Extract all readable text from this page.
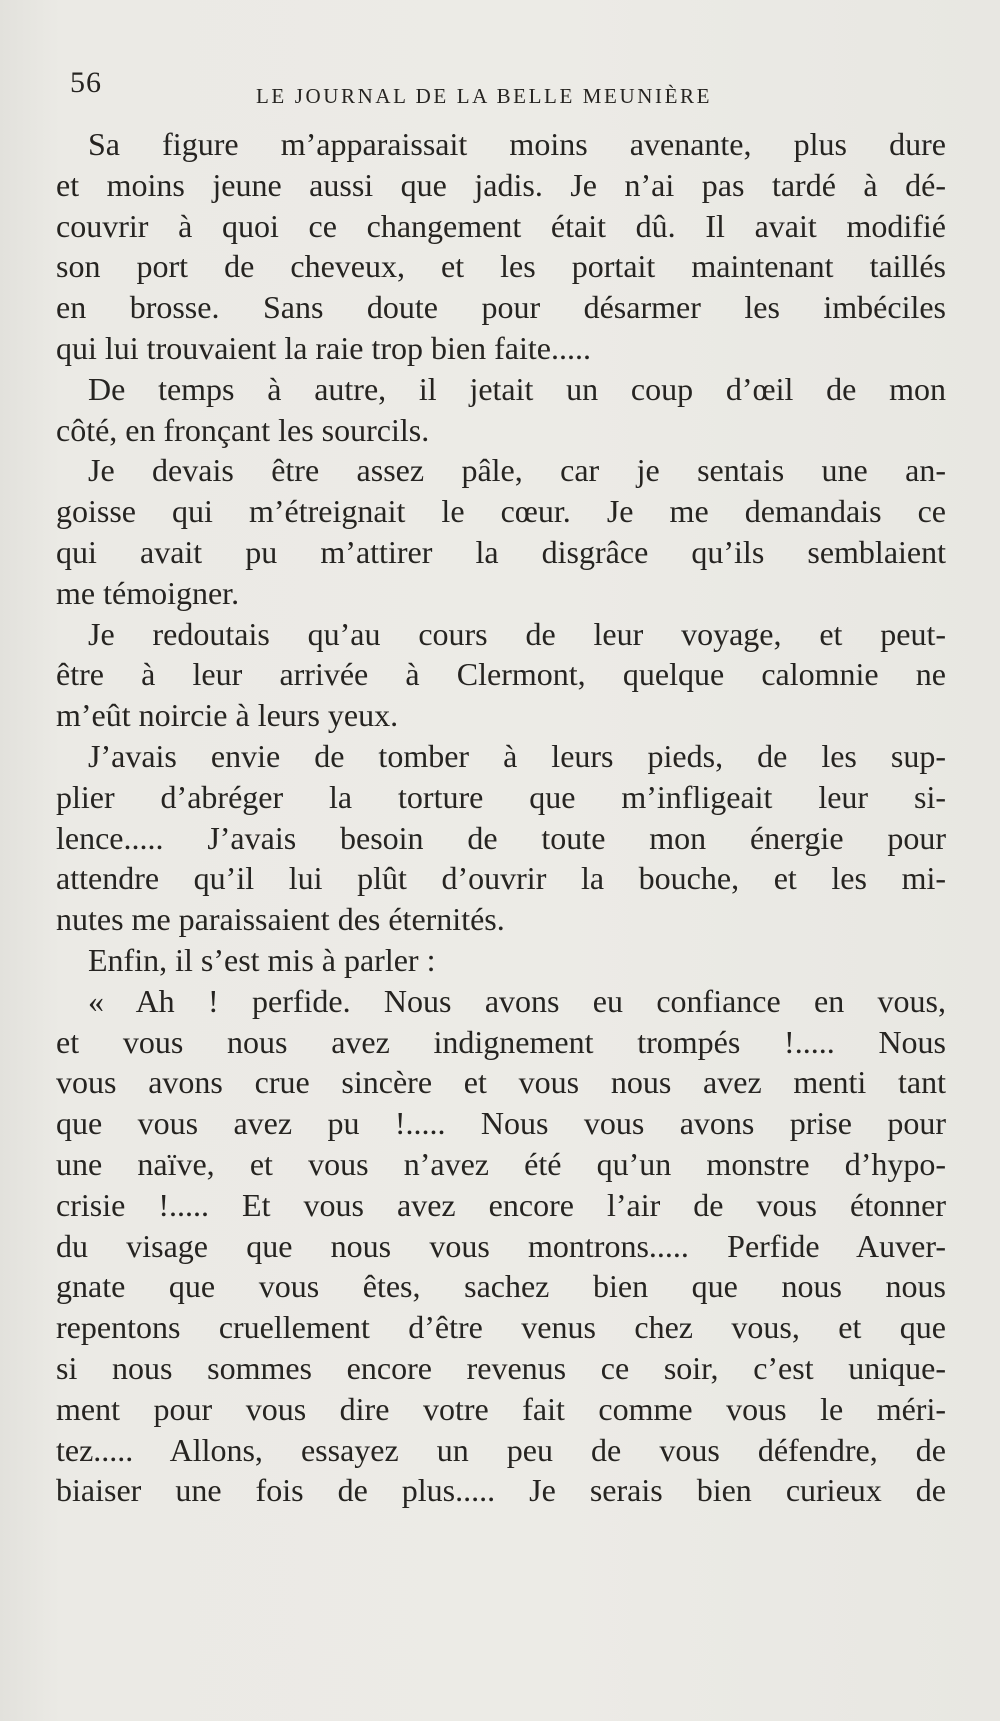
56	LE JOURNAL DE LA BELLE MEUNIÈRE
Sa figure m’apparaissait moins avenante, plus dure
et moins jeune aussi que jadis. Je n’ai pas tardé à dé-
couvrir à quoi ce changement était dû. Il avait modifié
son port de cheveux, et les portait maintenant taillés
en brosse. Sans doute pour désarmer les imbéciles
qui lui trouvaient la raie trop bien faite.....
De temps à autre, il jetait un coup d’œil de mon
côté, en fronçant les sourcils.
Je devais être assez pâle, car je sentais une an-
goisse qui m’étreignait le cœur. Je me demandais ce
qui avait pu m’attirer la disgrâce qu’ils semblaient
me témoigner.
Je redoutais qu’au cours de leur voyage, et peut-
être à leur arrivée à Clermont, quelque calomnie ne
m’eût noircie à leurs yeux.
J’avais envie de tomber à leurs pieds, de les sup-
plier d’abréger la torture que m’infligeait leur si-
lence..... J’avais besoin de toute mon énergie pour
attendre qu’il lui plût d’ouvrir la bouche, et les mi-
nutes me paraissaient des éternités.
Enfin, il s’est mis à parler :
« Ah ! perfide. Nous avons eu confiance en vous,
et vous nous avez indignement trompés !..... Nous
vous avons crue sincère et vous nous avez menti tant
que vous avez pu !..... Nous vous avons prise pour
une naïve, et vous n’avez été qu’un monstre d’hypo-
crisie !..... Et vous avez encore l’air de vous étonner
du visage que nous vous montrons..... Perfide Auver-
gnate que vous êtes, sachez bien que nous nous
repentons cruellement d’être venus chez vous, et que
si nous sommes encore revenus ce soir, c’est unique-
ment pour vous dire votre fait comme vous le méri-
tez..... Allons, essayez un peu de vous défendre, de
biaiser une fois de plus..... Je serais bien curieux de
